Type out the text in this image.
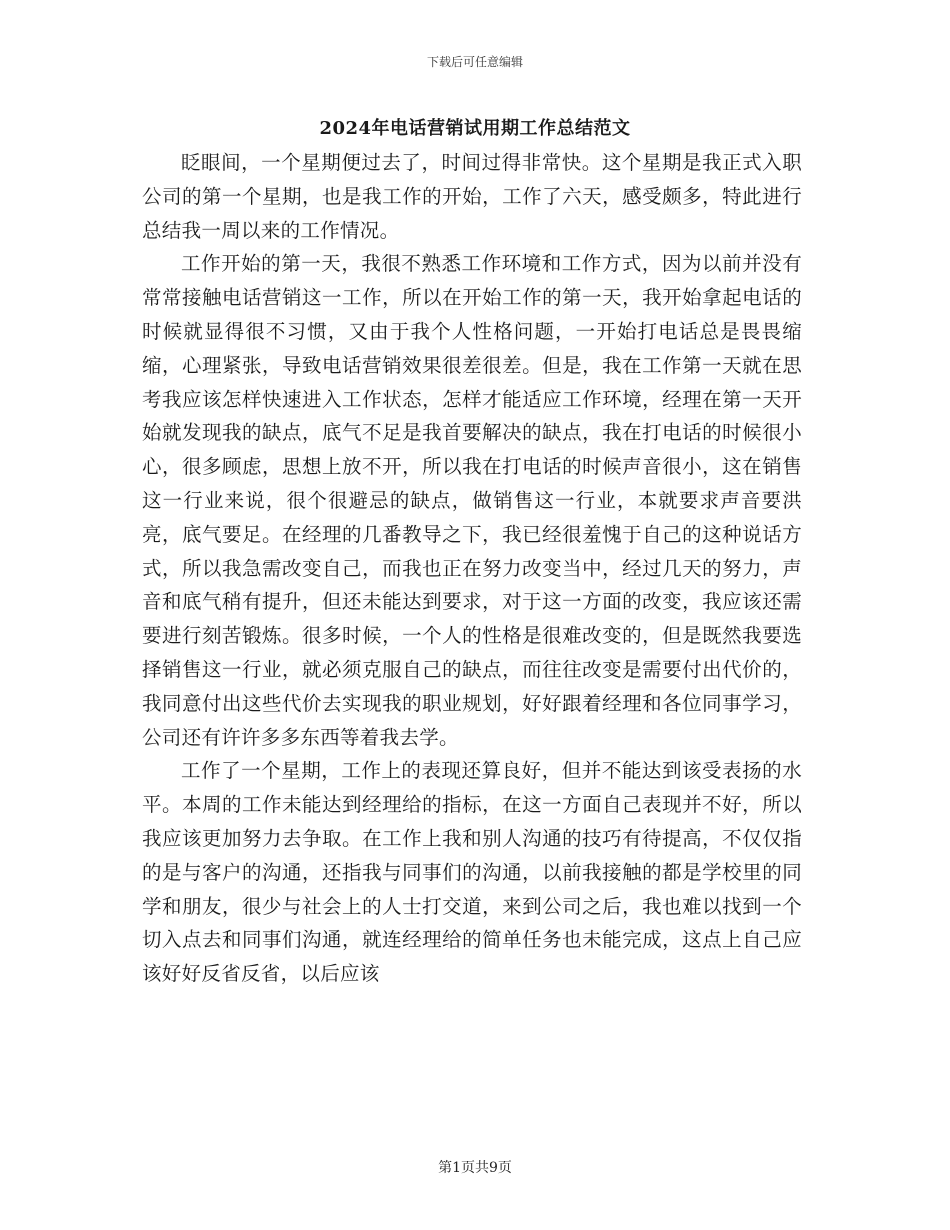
下载后可任意编辑
2024年电话营销试用期工作总结范文

眨眼间，一个星期便过去了，时间过得非常快。这个星期是我正式入职公司的第一个星期，也是我工作的开始，工作了六天，感受颇多，特此进行总结我一周以来的工作情况。

工作开始的第一天，我很不熟悉工作环境和工作方式，因为以前并没有常常接触电话营销这一工作，所以在开始工作的第一天，我开始拿起电话的时候就显得很不习惯，又由于我个人性格问题，一开始打电话总是畏畏缩缩，心理紧张，导致电话营销效果很差很差。但是，我在工作第一天就在思考我应该怎样快速进入工作状态，怎样才能适应工作环境，经理在第一天开始就发现我的缺点，底气不足是我首要解决的缺点，我在打电话的时候很小心，很多顾虑，思想上放不开，所以我在打电话的时候声音很小，这在销售这一行业来说，很个很避忌的缺点，做销售这一行业，本就要求声音要洪亮，底气要足。在经理的几番教导之下，我已经很羞愧于自己的这种说话方式，所以我急需改变自己，而我也正在努力改变当中，经过几天的努力，声音和底气稍有提升，但还未能达到要求，对于这一方面的改变，我应该还需要进行刻苦锻炼。很多时候，一个人的性格是很难改变的，但是既然我要选择销售这一行业，就必须克服自己的缺点，而往往改变是需要付出代价的，我同意付出这些代价去实现我的职业规划，好好跟着经理和各位同事学习，公司还有许许多多东西等着我去学。

工作了一个星期，工作上的表现还算良好，但并不能达到该受表扬的水平。本周的工作未能达到经理给的指标，在这一方面自己表现并不好，所以我应该更加努力去争取。在工作上我和别人沟通的技巧有待提高，不仅仅指的是与客户的沟通，还指我与同事们的沟通，以前我接触的都是学校里的同学和朋友，很少与社会上的人士打交道，来到公司之后，我也难以找到一个切入点去和同事们沟通，就连经理给的简单任务也未能完成，这点上自己应该好好反省反省，以后应该

第1页共9页
